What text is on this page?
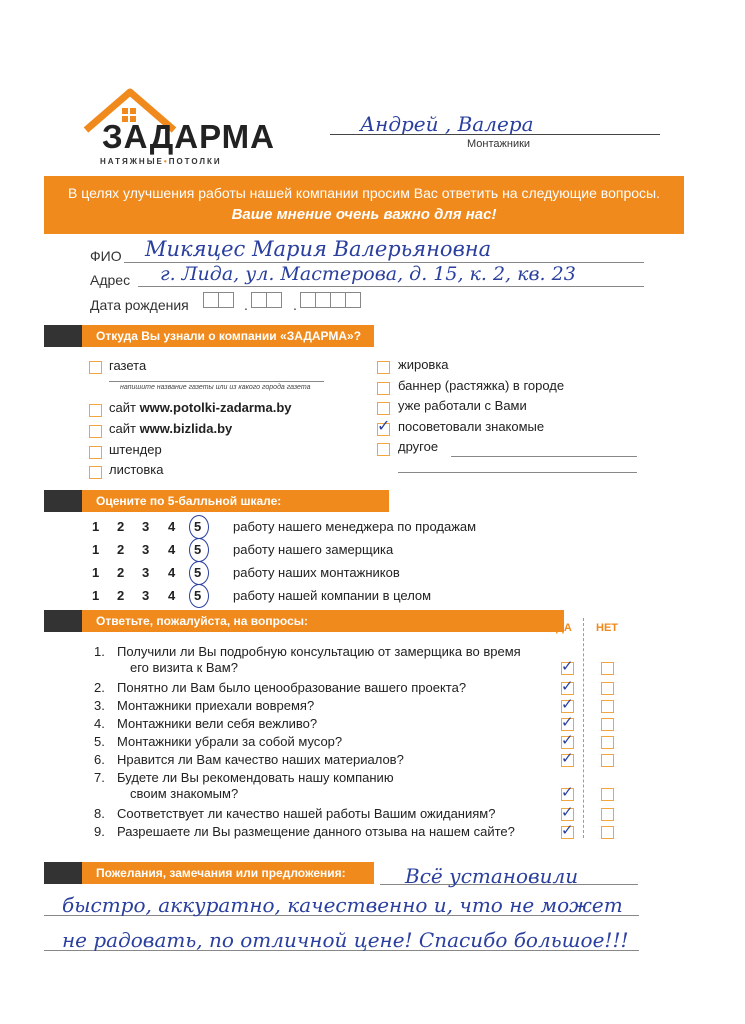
ЗАДАРМА
НАТЯЖНЫЕ•ПОТОЛКИ
Андрей , Валера
Монтажники
В целях улучшения работы нашей компании просим Вас ответить на следующие вопросы.
Ваше мнение очень важно для нас!
ФИО Микяцес Мария Валерьяновна
Адрес г. Лида, ул. Мастерова, д. 15, к. 2, кв. 23
Дата рождения	.	.
Откуда Вы узнали о компании «ЗАДАРМА»?
газета
напишите название газеты или из какого города газета
сайт www.potolki-zadarma.by
сайт www.bizlida.by
штендер
листовка
Оцените по 5-балльной шкале:
Ответьте, пожалуйста, на вопросы:	ДА НЕТ
Пожелания, замечания или предложения:	Всё установили
быстро, аккуратно, качественно и, что не может
не радовать, по отличной цене! Спасибо большое!!!
жировка
баннер (растяжка) в городе
уже работали с Вами
посоветовали знакомые
другое
✓
1 2 3 4 5 работу нашего менеджера по продажам
1 2 3 4 5 работу нашего замерщика
1 2 3 4 5 работу наших монтажников
1 2 3 4 5 работу нашей компании в целом
1. Получили ли Вы подробную консультацию от замерщика во время
его визита к Вам?	✓
2. Понятно ли Вам было ценообразование вашего проекта?	✓
3. Монтажники приехали вовремя?	✓
4. Монтажники вели себя вежливо?	✓
5. Монтажники убрали за собой мусор?	✓
6. Нравится ли Вам качество наших материалов?	✓
7. Будете ли Вы рекомендовать нашу компанию
своим знакомым?	✓
8. Соответствует ли качество нашей работы Вашим ожиданиям?	✓
9. Разрешаете ли Вы размещение данного отзыва на нашем сайте?	✓
